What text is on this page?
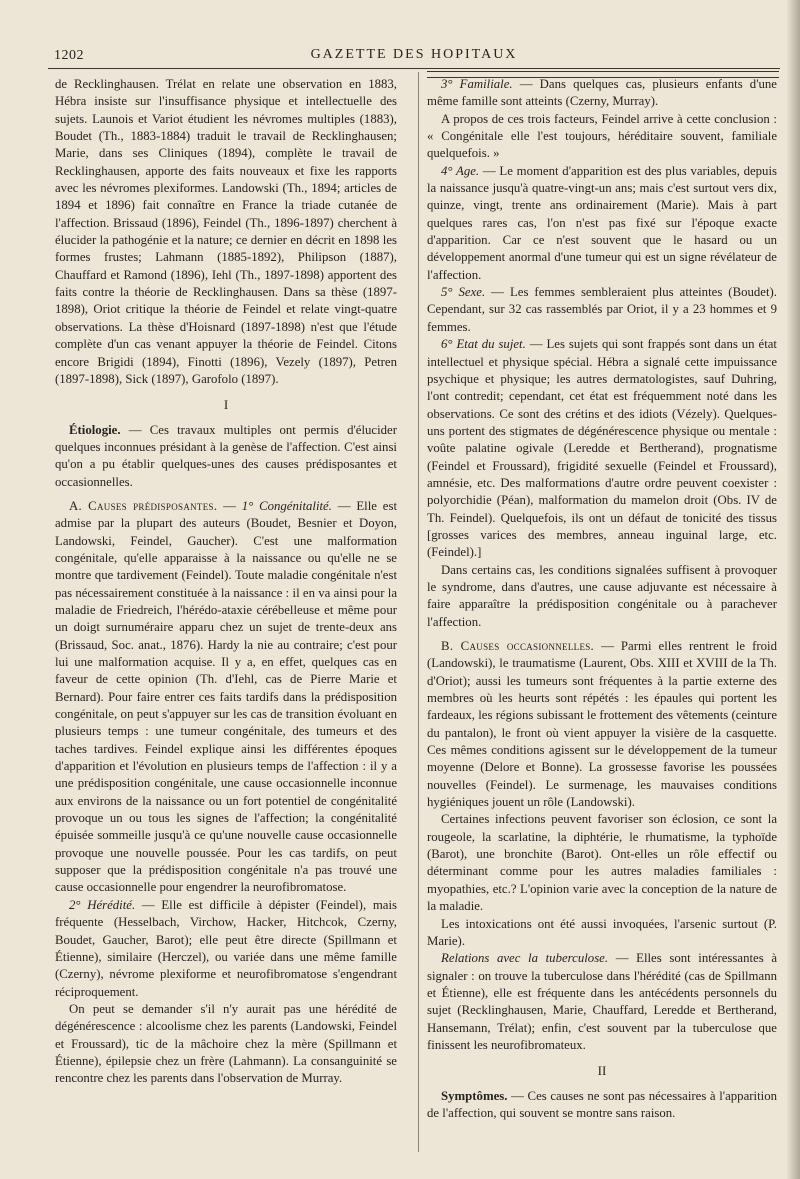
1202	GAZETTE DES HOPITAUX

de Recklinghausen. Trélat en relate une observation en 1883, Hébra insiste sur l'insuffisance physique et intellectuelle des sujets. Launois et Variot étudient les névromes multiples (1883), Boudet (Th., 1883-1884) traduit le travail de Recklinghausen; Marie, dans ses Cliniques (1894), complète le travail de Recklinghausen, apporte des faits nouveaux et fixe les rapports avec les névromes plexiformes. Landowski (Th., 1894; articles de 1894 et 1896) fait connaître en France la triade cutanée de l'affection. Brissaud (1896), Feindel (Th., 1896-1897) cherchent à élucider la pathogénie et la nature; ce dernier en décrit en 1898 les formes frustes; Lahmann (1885-1892), Philipson (1887), Chauffard et Ramond (1896), Iehl (Th., 1897-1898) apportent des faits contre la théorie de Recklinghausen. Dans sa thèse (1897-1898), Oriot critique la théorie de Feindel et relate vingt-quatre observations. La thèse d'Hoisnard (1897-1898) n'est que l'étude complète d'un cas venant appuyer la théorie de Feindel. Citons encore Brigidi (1894), Finotti (1896), Vezely (1897), Petren (1897-1898), Sick (1897), Garofolo (1897).

I

Étiologie. — Ces travaux multiples ont permis d'élucider quelques inconnues présidant à la genèse de l'affection. C'est ainsi qu'on a pu établir quelques-unes des causes prédisposantes et occasionnelles.

A. Causes prédisposantes. — 1° Congénitalité. — Elle est admise par la plupart des auteurs (Boudet, Besnier et Doyon, Landowski, Feindel, Gaucher). C'est une malformation congénitale, qu'elle apparaisse à la naissance ou qu'elle ne se montre que tardivement (Feindel). Toute maladie congénitale n'est pas nécessairement constituée à la naissance : il en va ainsi pour la maladie de Friedreich, l'hérédo-ataxie cérébelleuse et même pour un doigt surnuméraire apparu chez un sujet de trente-deux ans (Brissaud, Soc. anat., 1876). Hardy la nie au contraire; c'est pour lui une malformation acquise. Il y a, en effet, quelques cas en faveur de cette opinion (Th. d'Iehl, cas de Pierre Marie et Bernard). Pour faire entrer ces faits tardifs dans la prédisposition congénitale, on peut s'appuyer sur les cas de transition évoluant en plusieurs temps : une tumeur congénitale, des tumeurs et des taches tardives. Feindel explique ainsi les différentes époques d'apparition et l'évolution en plusieurs temps de l'affection : il y a une prédisposition congénitale, une cause occasionnelle inconnue aux environs de la naissance ou un fort potentiel de congénitalité provoque un ou tous les signes de l'affection; la congénitalité épuisée sommeille jusqu'à ce qu'une nouvelle cause occasionnelle provoque une nouvelle poussée. Pour les cas tardifs, on peut supposer que la prédisposition congénitale n'a pas trouvé une cause occasionnelle pour engendrer la neurofibromatose.

2° Hérédité. — Elle est difficile à dépister (Feindel), mais fréquente (Hesselbach, Virchow, Hacker, Hitchcok, Czerny, Boudet, Gaucher, Barot); elle peut être directe (Spillmann et Étienne), similaire (Herczel), ou variée dans une même famille (Czerny), névrome plexiforme et neurofibromatose s'engendrant réciproquement.

On peut se demander s'il n'y aurait pas une hérédité de dégénérescence : alcoolisme chez les parents (Landowski, Feindel et Froussard), tic de la mâchoire chez la mère (Spillmann et Étienne), épilepsie chez un frère (Lahmann). La consanguinité se rencontre chez les parents dans l'observation de Murray.

3° Familiale. — Dans quelques cas, plusieurs enfants d'une même famille sont atteints (Czerny, Murray).

A propos de ces trois facteurs, Feindel arrive à cette conclusion : « Congénitale elle l'est toujours, héréditaire souvent, familiale quelquefois. »

4° Age. — Le moment d'apparition est des plus variables, depuis la naissance jusqu'à quatre-vingt-un ans; mais c'est surtout vers dix, quinze, vingt, trente ans ordinairement (Marie). Mais à part quelques rares cas, l'on n'est pas fixé sur l'époque exacte d'apparition. Car ce n'est souvent que le hasard ou un développement anormal d'une tumeur qui est un signe révélateur de l'affection.

5° Sexe. — Les femmes sembleraient plus atteintes (Boudet). Cependant, sur 32 cas rassemblés par Oriot, il y a 23 hommes et 9 femmes.

6° Etat du sujet. — Les sujets qui sont frappés sont dans un état intellectuel et physique spécial. Hébra a signalé cette impuissance psychique et physique; les autres dermatologistes, sauf Duhring, l'ont contredit; cependant, cet état est fréquemment noté dans les observations. Ce sont des crétins et des idiots (Vézely). Quelques-uns portent des stigmates de dégénérescence physique ou mentale : voûte palatine ogivale (Leredde et Bertherand), prognatisme (Feindel et Froussard), frigidité sexuelle (Feindel et Froussard), amnésie, etc. Des malformations d'autre ordre peuvent coexister : polyorchidie (Péan), malformation du mamelon droit (Obs. IV de Th. Feindel). Quelquefois, ils ont un défaut de tonicité des tissus [grosses varices des membres, anneau inguinal large, etc. (Feindel).]

Dans certains cas, les conditions signalées suffisent à provoquer le syndrome, dans d'autres, une cause adjuvante est nécessaire à faire apparaître la prédisposition congénitale ou à parachever l'affection.

B. Causes occasionnelles. — Parmi elles rentrent le froid (Landowski), le traumatisme (Laurent, Obs. XIII et XVIII de la Th. d'Oriot); aussi les tumeurs sont fréquentes à la partie externe des membres où les heurts sont répétés : les épaules qui portent les fardeaux, les régions subissant le frottement des vêtements (ceinture du pantalon), le front où vient appuyer la visière de la casquette. Ces mêmes conditions agissent sur le développement de la tumeur moyenne (Delore et Bonne). La grossesse favorise les poussées nouvelles (Feindel). Le surmenage, les mauvaises conditions hygiéniques jouent un rôle (Landowski).

Certaines infections peuvent favoriser son éclosion, ce sont la rougeole, la scarlatine, la diphtérie, le rhumatisme, la typhoïde (Barot), une bronchite (Barot). Ont-elles un rôle effectif ou déterminant comme pour les autres maladies familiales : myopathies, etc.? L'opinion varie avec la conception de la nature de la maladie.

Les intoxications ont été aussi invoquées, l'arsenic surtout (P. Marie).

Relations avec la tuberculose. — Elles sont intéressantes à signaler : on trouve la tuberculose dans l'hérédité (cas de Spillmann et Étienne), elle est fréquente dans les antécédents personnels du sujet (Recklinghausen, Marie, Chauffard, Leredde et Bertherand, Hansemann, Trélat); enfin, c'est souvent par la tuberculose que finissent les neurofibromateux.

II

Symptômes. — Ces causes ne sont pas nécessaires à l'apparition de l'affection, qui souvent se montre sans raison.
